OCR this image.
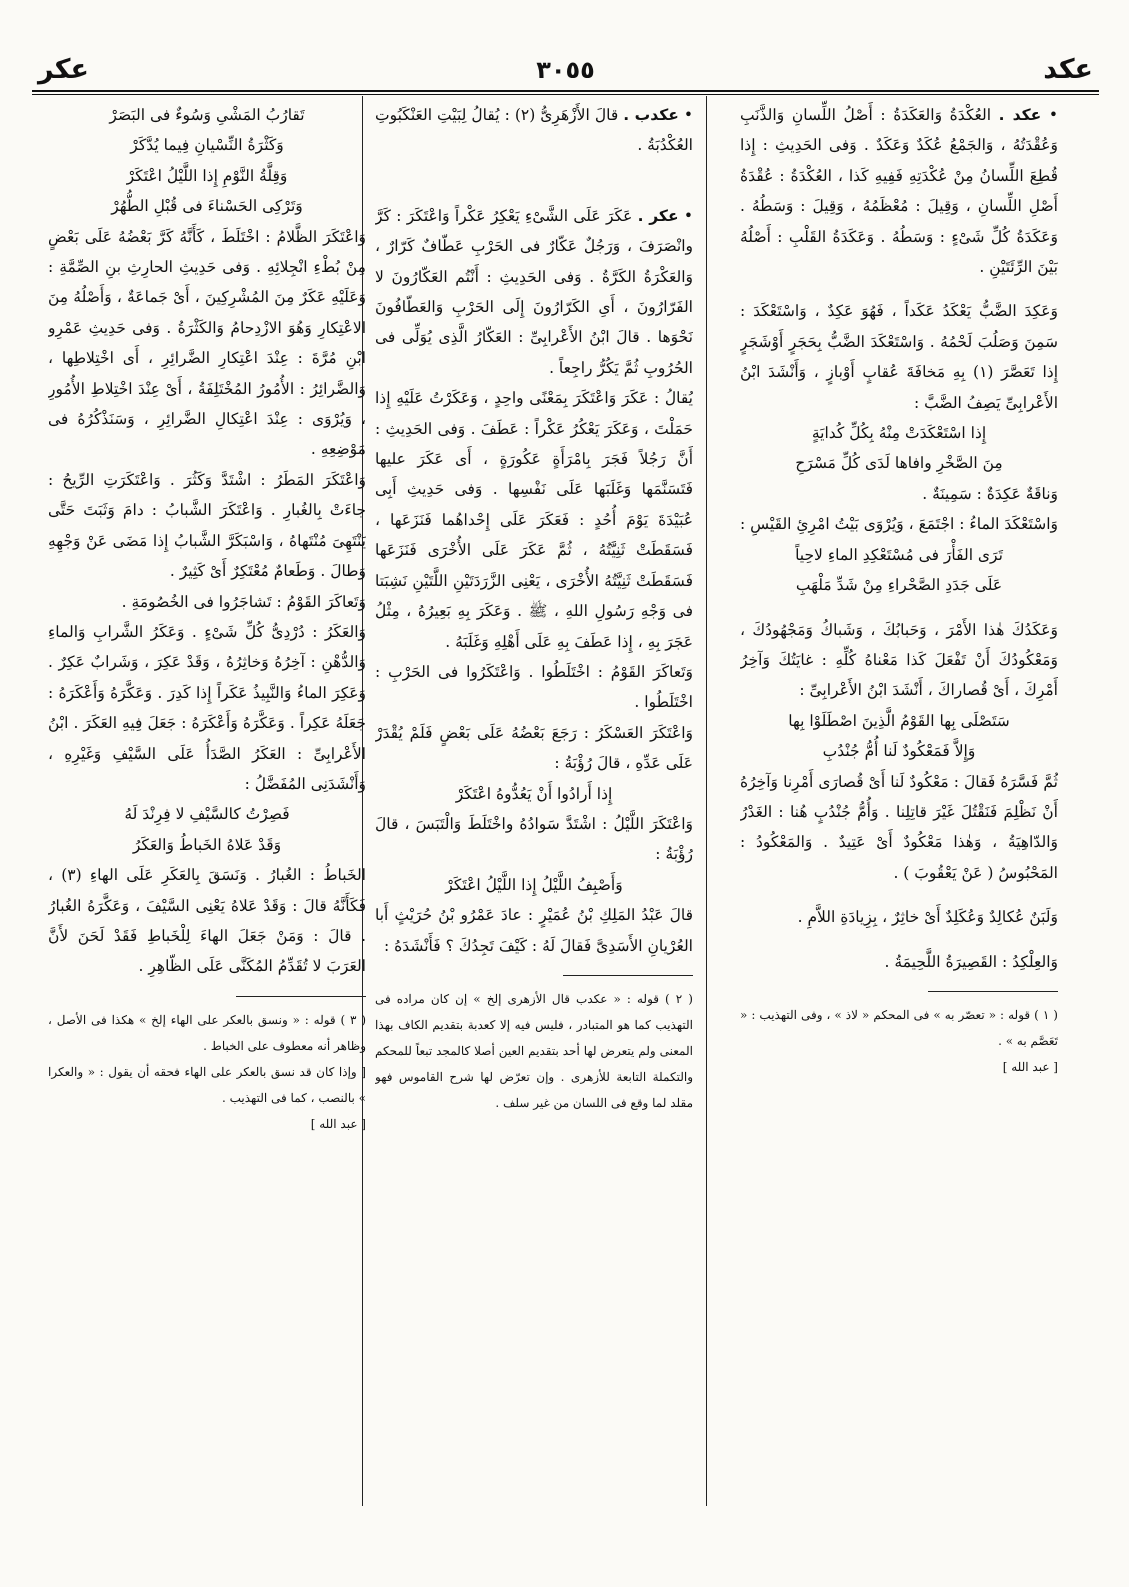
عكد
٣٠٥٥
عكر

• عكد . العُكْدَةُ وَالعَكَدَةُ : أَصْلُ اللِّسانِ وَالذَّنَبِ وَعُقْدَتُهُ ، وَالجَمْعُ عُكَدٌ وَعَكَدٌ . وَفى الحَدِيثِ : إِذا قُطِعَ اللِّسانُ مِنْ عُكْدَتِهِ فَفِيهِ كَذا ، العُكْدَةُ : عُقْدَةُ أَصْلِ اللِّسانِ ، وَقِيلَ : مُعْظَمُهُ ، وَقِيلَ : وَسَطُهُ . وَعَكَدَةُ كُلِّ شَىْءٍ : وَسَطُهُ . وَعَكَدَةُ القَلْبِ : أَصْلُهُ بَيْنَ الرِّئَتَيْنِ .

وَعَكِدَ الضَّبُّ يَعْكَدُ عَكَداً ، فَهُوَ عَكِدٌ ، وَاسْتَعْكَدَ : سَمِنَ وَصَلُبَ لَحْمُهُ . وَاسْتَعْكَدَ الضَّبُّ بِحَجَرٍ أَوْشَجَرٍ إِذا تَعَصَّرَ (١) بِهِ مَخافَةَ عُقابٍ أَوْبازٍ ، وَأَنْشَدَ ابْنُ الأَعْرابِىِّ يَصِفُ الضَّبَّ :

إِذا اسْتَعْكَدَتْ مِنْهُ بِكُلِّ كُدايَةٍ

مِنَ الصَّخْرِ وافاها لَدَى كُلِّ مَسْرَحِ

وَناقَةٌ عَكِدَةٌ : سَمِينَةٌ .

وَاسْتَعْكَدَ الماءُ : اجْتَمَعَ ، وَيُرْوَى بَيْتُ امْرِئِ القَيْسِ :

تَرَى الفَأْرَ فى مُسْتَعْكِدِ الماءِ لاحِياً

عَلَى جَدَدِ الصَّحْراءِ مِنْ شَدِّ مَلْهَبِ

وَعَكَدُكَ هٰذا الأَمْرَ ، وَحَبابُكَ ، وَشَباكُ وَمَجْهُودُكَ ، وَمَعْكُودُكَ أَنْ تَفْعَلَ كَذا مَعْناهُ كُلِّهِ : غايَتُكَ وَآخِرُ أَمْرِكَ ، أَىْ قُصاراكَ ، أَنْشَدَ ابْنُ الأَعْرابِىِّ :

سَتَصْلَى بِها القَوْمُ الَّذِينَ اصْطَلَوْا بِها

وَإِلاَّ فَمَعْكُودٌ لَنا أُمُّ جُنْدُبِ

ثُمَّ فَسَّرَهُ فَقالَ : مَعْكُودٌ لَنا أَىْ قُصارَى أَمْرِنا وَآخِرُهُ أَنْ نَظْلِمَ فَنَقْتُلَ غَيْرَ قاتِلِنا . وَأُمُّ جُنْدُبٍ هُنا : الغَدْرُ وَالدّاهِيَةُ ، وَهٰذا مَعْكُودٌ أَىْ عَتِيدٌ . وَالمَعْكُودُ : المَحْبُوسُ ( عَنْ يَعْقُوبَ ) .

وَلَبَنٌ عُكالِدٌ وَعُكَلِدٌ أَىْ خاثِرٌ ، بِزِيادَةِ اللاَّمِ .

وَالعِلْكِدُ : القَصِيرَةُ اللَّحِيمَةُ .

( ١ ) قوله : « تعصّر به » فى المحكم « لاذ » ، وفى التهذيب : « تَعَصَّم به » .

[ عبد الله ]

• عكدب . قالَ الأَزْهَرِىُّ (٢) : يُقالُ لِبَيْتِ العَنْكَبُوتِ العُكْدُبَةُ .

• عكر . عَكَرَ عَلَى الشَّىْءِ يَعْكِرُ عَكْراً وَاعْتَكَرَ : كَرَّ وانْصَرَفَ ، وَرَجُلٌ عَكّارٌ فى الحَرْبِ عَطّافٌ كَرّارٌ ، وَالعَكْرَةُ الكَرَّةُ . وَفى الحَدِيثِ : أَنْتُم العَكّارُونَ لا الفَرّارُونَ ، أَىِ الكَرّارُونَ إِلَى الحَرْبِ وَالعَطّافُونَ نَحْوَها . قالَ ابْنُ الأَعْرابِىِّ : العَكّارُ الَّذِى يُوَلِّى فى الحُرُوبِ ثُمَّ يَكُرُّ راجِعاً .

يُقالُ : عَكَرَ وَاعْتَكَرَ بِمَعْنًى واحِدٍ ، وَعَكَرْتُ عَلَيْهِ إِذا حَمَلْتَ ، وَعَكَرَ يَعْكُرُ عَكْراً : عَطَفَ . وَفى الحَدِيثِ : أَنَّ رَجُلاً فَجَرَ بِامْرَأَةٍ عَكُورَةٍ ، أَى عَكَرَ عليها فَتَسَنَّمَها وَغَلَبَها عَلَى نَفْسِها . وَفى حَدِيثِ أَبِى عُبَيْدَةَ يَوْمَ أُحُدٍ : فَعَكَرَ عَلَى إِحْداهُما فَنَزَعَها ، فَسَقَطَتْ ثَنِيَّتُهُ ، ثُمَّ عَكَرَ عَلَى الأُخْرَى فَنَزَعَها فَسَقَطَتْ ثَنِيَّتُهُ الأُخْرَى ، يَعْنِى الزَّرَدَتَيْنِ اللَّتَيْنِ نَشِبَتا فى وَجْهِ رَسُولِ اللهِ ، ﷺ . وَعَكَرَ بِهِ بَعِيرُهُ ، مِثْلُ عَجَرَ بِهِ ، إِذا عَطَفَ بِهِ عَلَى أَهْلِهِ وَغَلَبَهُ .

وَتَعاكَرَ القَوْمُ : اخْتَلَطُوا . وَاعْتَكَرُوا فى الحَرْبِ : اخْتَلَطُوا .

وَاعْتَكَرَ العَسْكَرُ : رَجَعَ بَعْضُهُ عَلَى بَعْضٍ فَلَمْ يُقْدَرْ عَلَى عَدِّهِ ، قالَ رُؤْبَةُ :

إِذا أَرادُوا أَنْ يَعُدُّوهُ اعْتَكَرْ

وَاعْتَكَرَ اللَّيْلُ : اشْتَدَّ سَوادُهُ واخْتَلَطَ وَالْتَبَسَ ، قالَ رُؤْبَةُ :

وَأَصْبِفُ اللَّيْلُ إِذا اللَّيْلُ اعْتَكَرْ

قالَ عَبْدُ المَلِكِ بْنُ عُمَيْرٍ : عادَ عَمْرُو بْنُ حُرَيْثٍ أَبا العُرْيانِ الأَسَدِىَّ فَقالَ لَهُ : كَيْفَ تَجِدُكَ ؟ فَأَنْشَدَهُ :

( ٢ ) قوله : « عكدب قال الأزهرى إلخ » إن كان مراده فى التهذيب كما هو المتبادر ، فليس فيه إلا كعدبة بتقديم الكاف بهذا المعنى ولم يتعرض لها أحد بتقديم العين أصلا كالمجد تبعاً للمحكم والتكملة التابعة للأزهرى . وإن تعرّض لها شرح القاموس فهو مقلد لما وقع فى اللسان من غير سلف .

تَقارُبُ المَشْىِ وَسُوءٌ فى البَصَرْ

وَكَثْرَةُ النِّسْيانِ فِيما يُدَّكَرْ

وَقِلَّةُ النَّوْمِ إِذا اللَّيْلُ اعْتَكَرْ

وَتَرْكِى الحَسْناءَ فى قُبْلِ الطُّهُرْ

وَاعْتَكَرَ الظَّلامُ : اخْتَلَطَ ، كَأَنَّهُ كَرَّ بَعْضُهُ عَلَى بَعْضٍ مِنْ بُطْءِ انْجِلائِهِ . وَفى حَدِيثِ الحارِثِ بنِ الصِّمَّةِ : وَعَلَيْهِ عَكَرٌ مِنَ المُشْرِكِينَ ، أَىْ جَماعَةٌ ، وَأَصْلُهُ مِنَ الاعْتِكارِ وَهُوَ الازْدِحامُ وَالكَثْرَةُ . وَفى حَدِيثِ عَمْرِو ابْنِ مُرَّةَ : عِنْدَ اعْتِكارِ الضَّرائِرِ ، أَى اخْتِلاطِها ، وَالضَّرائِرُ : الأُمُورُ المُخْتَلِفَةُ ، أَىْ عِنْدَ اخْتِلاطِ الأُمُورِ ، وَيُرْوَى : عِنْدَ اعْتِكالِ الضَّرائِرِ ، وَسَنَذْكُرُهُ فى مَوْضِعِهِ .

وَاعْتَكَرَ المَطَرُ : اشْتَدَّ وَكَثُرَ . وَاعْتَكَرَتِ الرِّيحُ : جاءَتْ بِالغُبارِ . وَاعْتَكَرَ الشَّبابُ : دامَ وَثَبَتَ حَتَّى يَنْتَهِىَ مُنْتَهاهُ ، وَاسْبَكَرَّ الشَّبابُ إِذا مَضَى عَنْ وَجْهِهِ وَطالَ . وَطَعامٌ مُعْتَكِرٌ أَىْ كَثِيرٌ .

وَتَعاكَرَ القَوْمُ : تَشاجَرُوا فى الخُصُومَةِ .

وَالعَكَرُ : دُرْدِىُّ كُلِّ شَىْءٍ . وَعَكَرُ الشَّرابِ وَالماءِ وَالدُّهْنِ : آخِرُهُ وَخاثِرُهُ ، وَقَدْ عَكِرَ ، وَشَرابٌ عَكِرٌ . وَعَكِرَ الماءُ وَالنَّبِيذُ عَكَراً إِذا كَدِرَ . وَعَكَّرَهُ وَأَعْكَرَهُ : جَعَلَهُ عَكِراً . وَعَكَّرَهُ وَأَعْكَرَهُ : جَعَلَ فِيهِ العَكَرَ . ابْنُ الأَعْرابِىِّ : العَكَرُ الصَّدَأُ عَلَى السَّيْفِ وَغَيْرِهِ ، وَأَنْشَدَنِى المُفَضَّلُ :

فَصِرْتُ كالسَّيْفِ لا فِرِنْدَ لَهُ

وَقَدْ عَلاهُ الخَباطُ وَالعَكَرُ

الخَباطُ : الغُبارُ . وَنَسَقَ بِالعَكَرِ عَلَى الهاءِ (٣) ، فَكَأَنَّهُ قالَ : وَقَدْ عَلاهُ يَعْنِى السَّيْفَ ، وَعَكَّرَهُ الغُبارُ . قالَ : وَمَنْ جَعَلَ الهاءَ لِلْخَباطِ فَقَدْ لَحَنَ لأَنَّ العَرَبَ لا تُقَدِّمُ المُكَنَّى عَلَى الظّاهِرِ .

( ٣ ) قوله : « ونسق بالعكر على الهاء إلخ » هكذا فى الأصل ، وظاهر أنه معطوف على الخباط .

[ وإذا كان قد نسق بالعكر على الهاء فحقه أن يقول : « والعكرا » بالنصب ، كما فى التهذيب .

[ عبد الله ]
